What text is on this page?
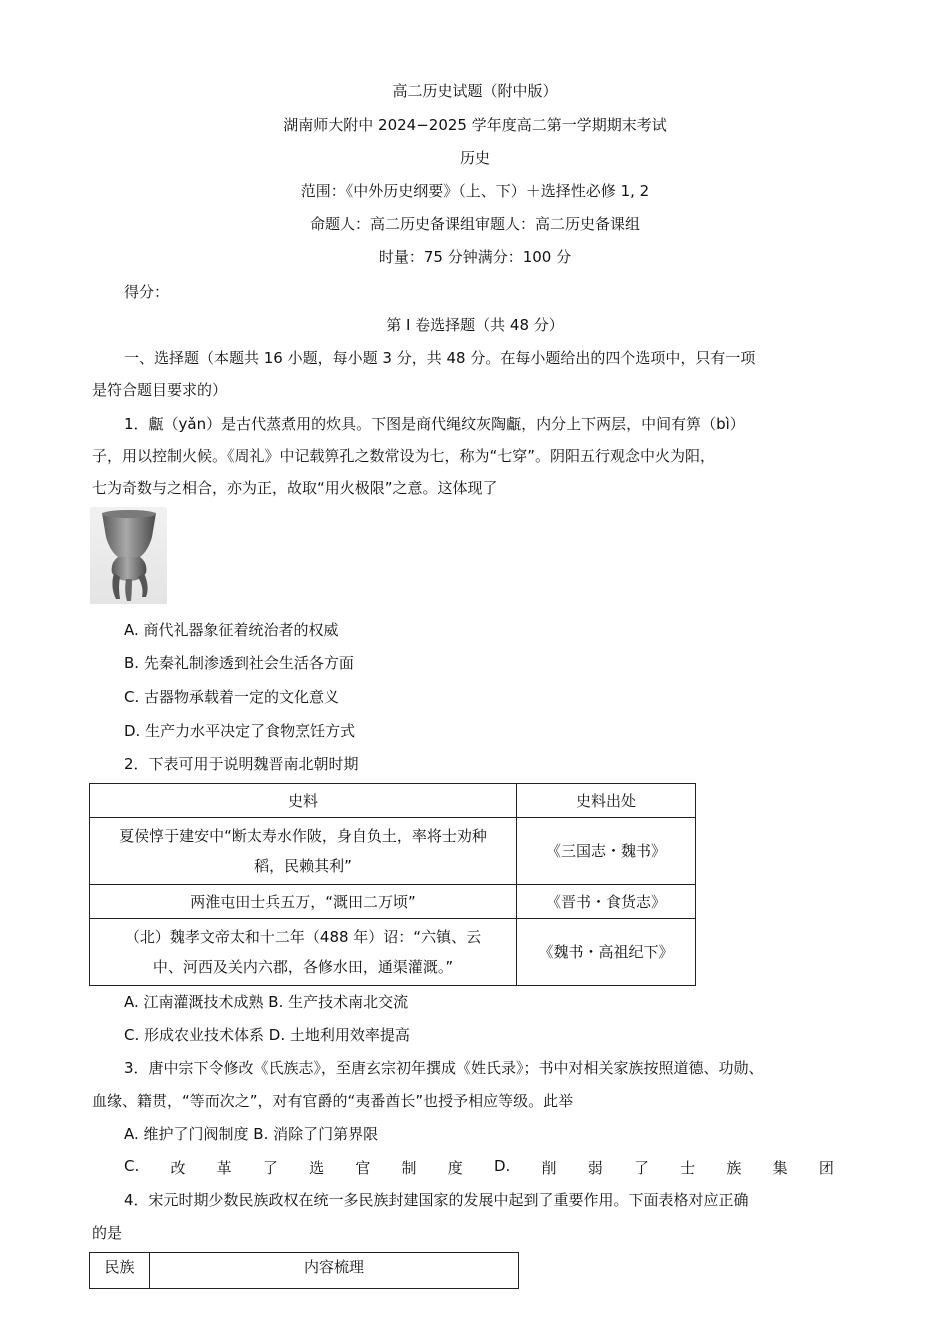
高二历史试题（附中版）
湖南师大附中 2024−2025 学年度高二第一学期期末考试
历史
范围：《中外历史纲要》（上、下）＋选择性必修 1, 2
命题人：高二历史备课组审题人：高二历史备课组
时量：75 分钟满分：100 分
得分：
第 I 卷选择题（共 48 分）
一、选择题（本题共 16 小题，每小题 3 分，共 48 分。在每小题给出的四个选项中，只有一项
是符合题目要求的）
1．甗（yǎn）是古代蒸煮用的炊具。下图是商代绳纹灰陶甗，内分上下两层，中间有箅（bì）
子，用以控制火候。《周礼》中记载箅孔之数常设为七，称为“七穿”。阴阳五行观念中火为阳，
七为奇数与之相合，亦为正，故取“用火极限”之意。这体现了
A. 商代礼器象征着统治者的权威
B. 先秦礼制渗透到社会生活各方面
C. 古器物承载着一定的文化意义
D. 生产力水平决定了食物烹饪方式
2．下表可用于说明魏晋南北朝时期
史料	史料出处

夏侯惇于建安中“断太寿水作陂，身自负土，率将士劝种
稻，民赖其利”	《三国志・魏书》
两淮屯田士兵五万，“溉田二万顷”	《晋书・食货志》

（北）魏孝文帝太和十二年（488 年）诏：“六镇、云
中、河西及关内六郡，各修水田，通渠灌溉。”	《魏书・高祖纪下》
A. 江南灌溉技术成熟 B. 生产技术南北交流
C. 形成农业技术体系 D. 土地利用效率提高
3．唐中宗下令修改《氏族志》，至唐玄宗初年撰成《姓氏录》；书中对相关家族按照道德、功勋、
血缘、籍贯，“等而次之”，对有官爵的“夷番酋长”也授予相应等级。此举
A. 维护了门阀制度 B. 消除了门第界限
C. 改 革 了 选 官 制 度 D. 削 弱 了 士 族 集 团
4．宋元时期少数民族政权在统一多民族封建国家的发展中起到了重要作用。下面表格对应正确
的是
民族	内容梳理
